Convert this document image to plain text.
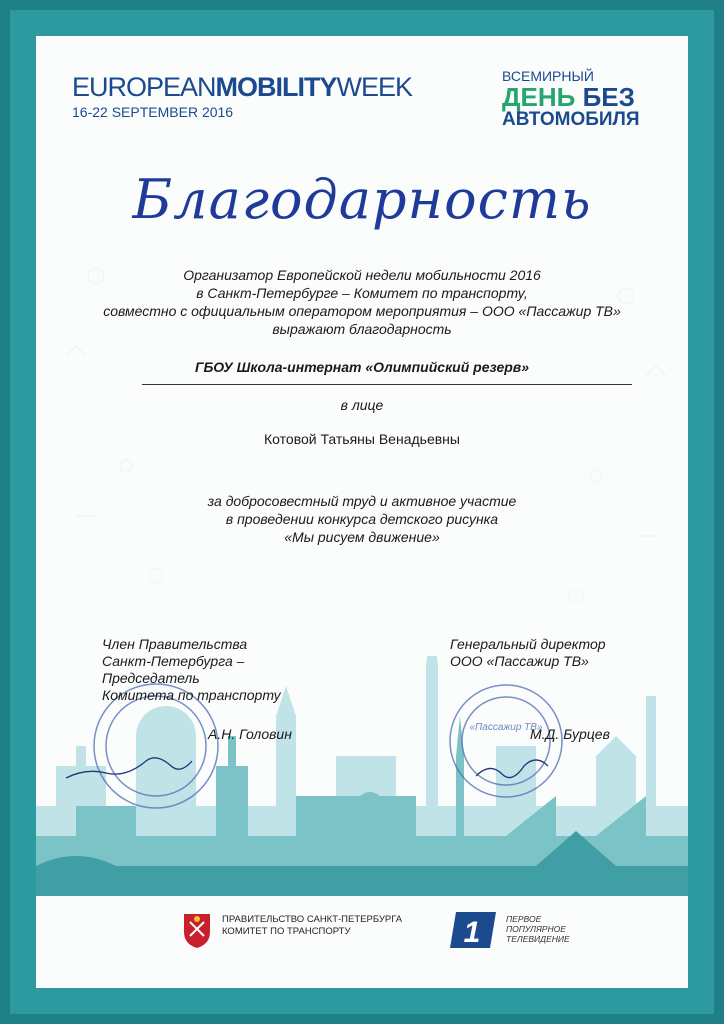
EUROPEANMOBILITYWEEK
16-22 SEPTEMBER 2016
ВСЕМИРНЫЙ
ДЕНЬ БЕЗ
АВТОМОБИЛЯ
Благодарность
Организатор Европейской недели мобильности 2016
в Санкт-Петербурге – Комитет по транспорту,
совместно с официальным оператором мероприятия – ООО «Пассажир ТВ»
выражают благодарность
ГБОУ Школа-интернат «Олимпийский резерв»
в лице
Котовой Татьяны Венадьевны
за добросовестный труд и активное участие
в проведении конкурса детского рисунка
«Мы рисуем движение»
«Пассажир ТВ»
Член Правительства
Санкт-Петербурга –
Председатель
Комитета по транспорту
А.Н. Головин
Генеральный директор
ООО «Пассажир ТВ»
М.Д. Бурцев
ПРАВИТЕЛЬСТВО САНКТ-ПЕТЕРБУРГА
КОМИТЕТ ПО ТРАНСПОРТУ	1	ПЕРВОЕ
ПОПУЛЯРНОЕ
ТЕЛЕВИДЕНИЕ
